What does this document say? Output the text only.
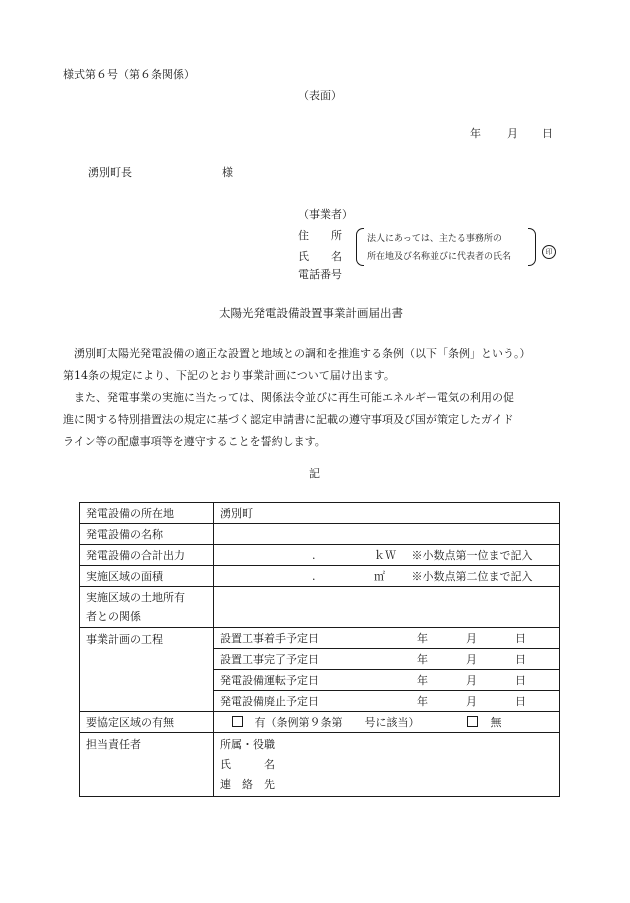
様式第６号（第６条関係）
（表面）
年 月 日
湧別町長	様
（事業者）
住　　所
氏　　名
電話番号
法人にあっては、主たる事務所の
所在地及び名称並びに代表者の氏名	印
太陽光発電設備設置事業計画届出書
湧別町太陽光発電設備の適正な設置と地域との調和を推進する条例（以下「条例」という。）
第14条の規定により、下記のとおり事業計画について届け出ます。
また、発電事業の実施に当たっては、関係法令並びに再生可能エネルギー電気の利用の促
進に関する特別措置法の規定に基づく認定申請書に記載の遵守事項及び国が策定したガイド
ライン等の配慮事項等を遵守することを誓約します。
記
発電設備の所在地	湧別町
発電設備の名称	
発電設備の合計出力	. ｋＷ ※小数点第一位まで記入
実施区域の面積	. ㎡ ※小数点第二位まで記入

実施区域の土地所有
者との関係	

事業計画の工程	設置工事着手予定日 年 月 日
	設置工事完了予定日 年 月 日
	発電設備運転予定日 年 月 日
	発電設備廃止予定日 年 月 日
要協定区域の有無	有（条例第９条第　　号に該当） 無
担当責任者	所属・役職
氏　　　名
連　絡　先
